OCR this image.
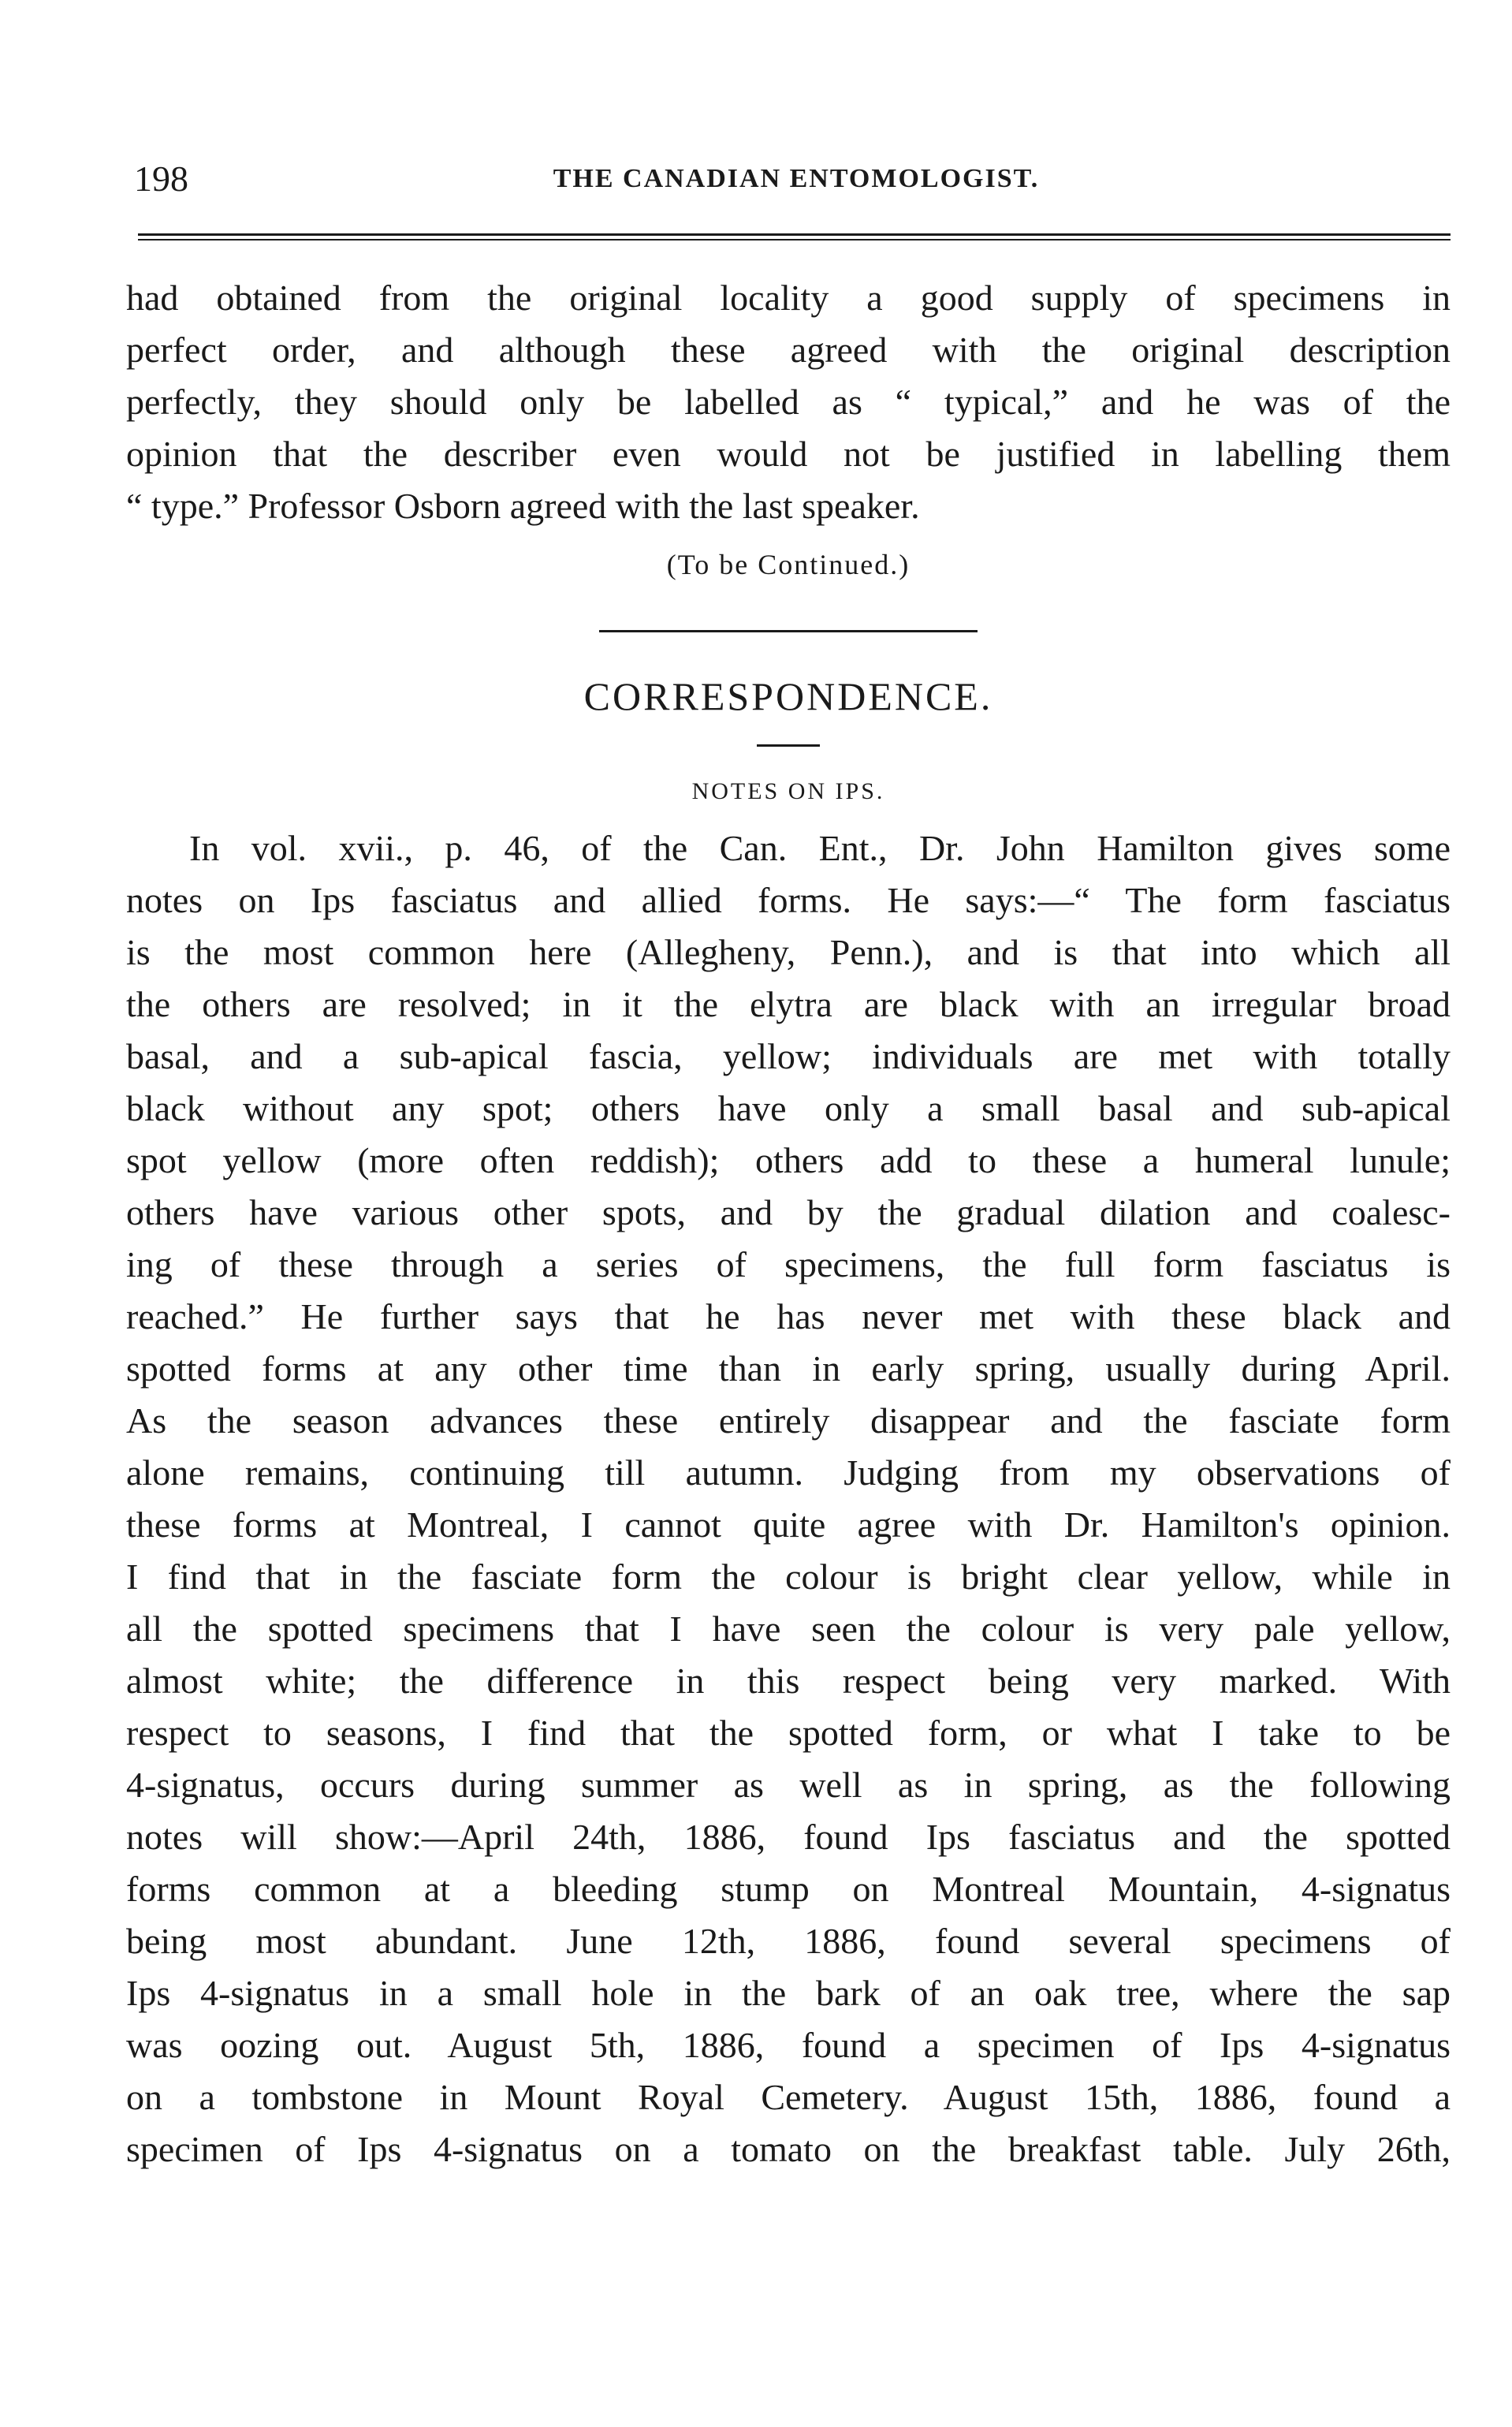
198	THE CANADIAN ENTOMOLOGIST.
had obtained from the original locality a good supply of specimens in
perfect order, and although these agreed with the original description
perfectly, they should only be labelled as “ typical,” and he was of the
opinion that the describer even would not be justified in labelling them
“ type.” Professor Osborn agreed with the last speaker.
(To be Continued.)
CORRESPONDENCE.
NOTES ON IPS.
In vol. xvii., p. 46, of the Can. Ent., Dr. John Hamilton gives some
notes on Ips fasciatus and allied forms. He says:—“ The form fasciatus
is the most common here (Allegheny, Penn.), and is that into which all
the others are resolved; in it the elytra are black with an irregular broad
basal, and a sub-apical fascia, yellow; individuals are met with totally
black without any spot; others have only a small basal and sub-apical
spot yellow (more often reddish); others add to these a humeral lunule;
others have various other spots, and by the gradual dilation and coalesc-
ing of these through a series of specimens, the full form fasciatus is
reached.” He further says that he has never met with these black and
spotted forms at any other time than in early spring, usually during April.
As the season advances these entirely disappear and the fasciate form
alone remains, continuing till autumn. Judging from my observations of
these forms at Montreal, I cannot quite agree with Dr. Hamilton's opinion.
I find that in the fasciate form the colour is bright clear yellow, while in
all the spotted specimens that I have seen the colour is very pale yellow,
almost white; the difference in this respect being very marked. With
respect to seasons, I find that the spotted form, or what I take to be
4-signatus, occurs during summer as well as in spring, as the following
notes will show:—April 24th, 1886, found Ips fasciatus and the spotted
forms common at a bleeding stump on Montreal Mountain, 4-signatus
being most abundant. June 12th, 1886, found several specimens of
Ips 4-signatus in a small hole in the bark of an oak tree, where the sap
was oozing out. August 5th, 1886, found a specimen of Ips 4-signatus
on a tombstone in Mount Royal Cemetery. August 15th, 1886, found a
specimen of Ips 4-signatus on a tomato on the breakfast table. July 26th,
